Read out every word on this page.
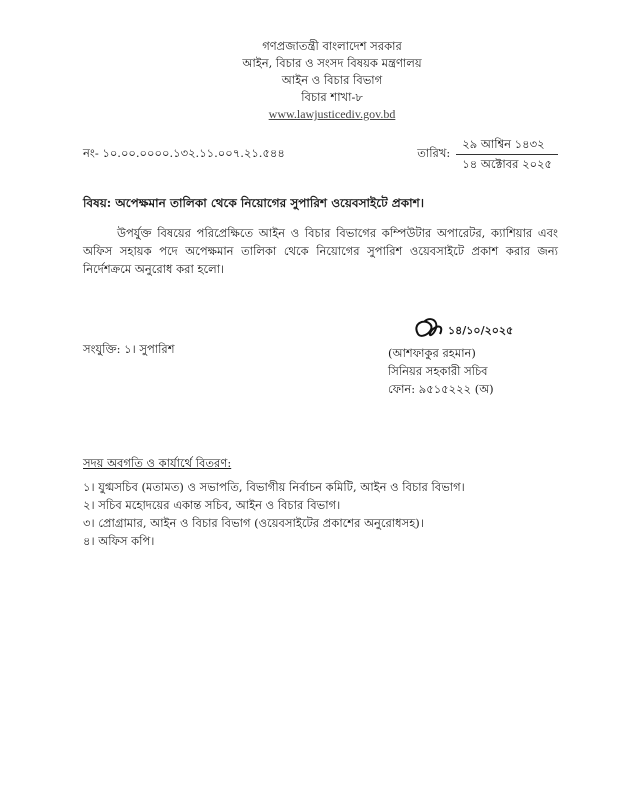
গণপ্রজাতন্ত্রী বাংলাদেশ সরকার
আইন, বিচার ও সংসদ বিষয়ক মন্ত্রণালয়
আইন ও বিচার বিভাগ
বিচার শাখা-৮
www.lawjusticediv.gov.bd
নং- ১০.০০.০০০০.১৩২.১১.০০৭.২১.৫৪৪	তারিখ:
২৯ আশ্বিন ১৪৩২
১৪ অক্টোবর ২০২৫
বিষয়: অপেক্ষমান তালিকা থেকে নিয়োগের সুপারিশ ওয়েবসাইটে প্রকাশ।
উপর্যুক্ত বিষয়ের পরিপ্রেক্ষিতে আইন ও বিচার বিভাগের কম্পিউটার অপারেটর, ক্যাশিয়ার এবং অফিস সহায়ক পদে অপেক্ষমান তালিকা থেকে নিয়োগের সুপারিশ ওয়েবসাইটে প্রকাশ করার জন্য নির্দেশক্রমে অনুরোধ করা হলো।
সংযুক্তি: ১। সুপারিশ
১৪/১০/২০২৫
(আশফাকুর রহমান)
সিনিয়র সহকারী সচিব
ফোন: ৯৫১৫২২২ (অ)
সদয় অবগতি ও কার্যার্থে বিতরণ:
১। যুগ্মসচিব (মতামত) ও সভাপতি, বিভাগীয় নির্বাচন কমিটি, আইন ও বিচার বিভাগ।
২। সচিব মহোদয়ের একান্ত সচিব, আইন ও বিচার বিভাগ।
৩। প্রোগ্রামার, আইন ও বিচার বিভাগ (ওয়েবসাইটের প্রকাশের অনুরোধসহ)।
৪। অফিস কপি।
